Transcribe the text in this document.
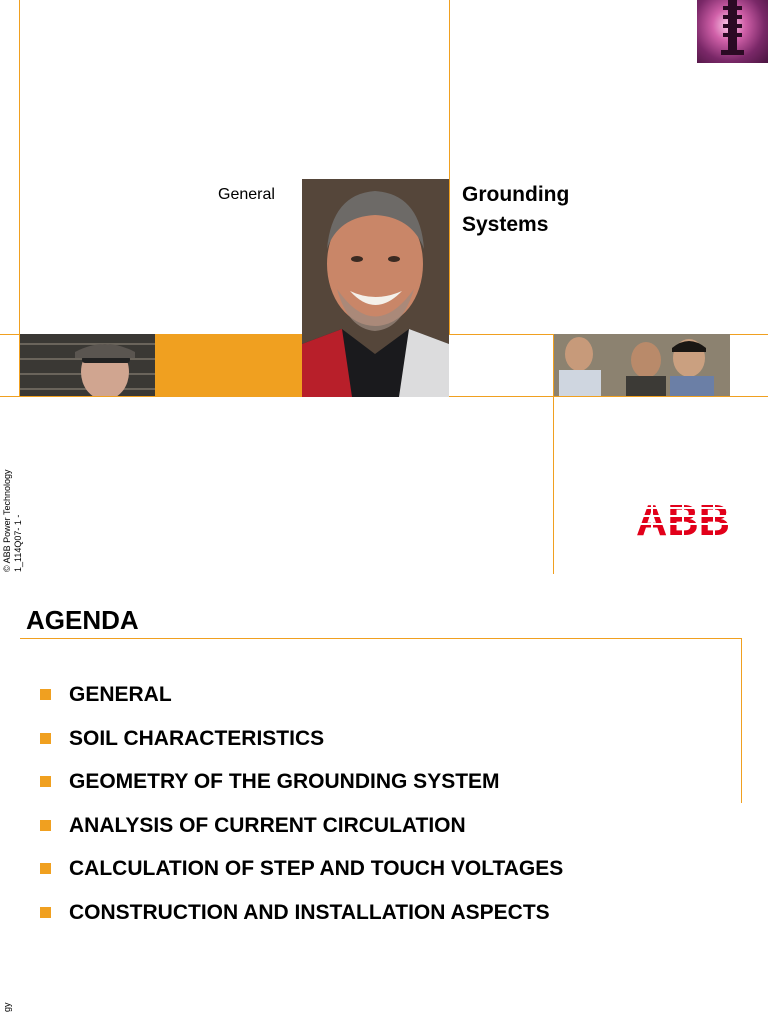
General	Grounding
Systems
© ABB Power Technology 1_114Q07- 1 -	ABB
AGENDA
GENERAL
SOIL CHARACTERISTICS
GEOMETRY OF THE GROUNDING SYSTEM
ANALYSIS OF CURRENT CIRCULATION
CALCULATION OF STEP AND TOUCH VOLTAGES
CONSTRUCTION AND INSTALLATION ASPECTS
gy
